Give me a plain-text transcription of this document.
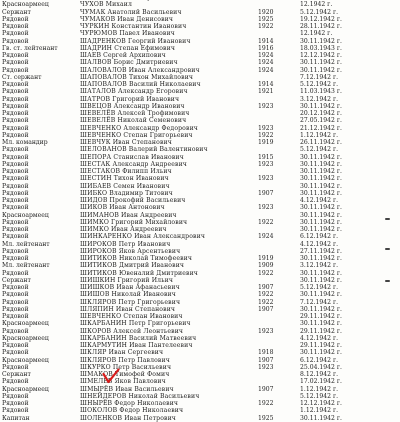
Красноармеец	ЧУХОВ Михаил	12.1942 г.
Сержант	ЧУМАК Анатолий Васильевич	1920	5.12.1942 г.
Рядовой	ЧУМАКОВ Иван Денисович	1925	19.12.1942 г.
Рядовой	ЧУРКИН Константин Иванович	1922	28.11.1942 г.
Рядовой	ЧУРЮМОВ Павел Иванович	12.1942 г.
Рядовой	ШАДРЕНКОВ Георгий Иванович	1914	30.11.1942 г.
Гв. ст. лейтенант	ШАДРИН Степан Ефимович	1916	18.03.1943 г.
Рядовой	ШАЕВ Сергей Архипович	1924	12.12.1942 г.
Рядовой	ШАЛВОВ Борис Дмитриевич	1924	30.11.1942 г.
Рядовой	ШАЛОВАЛОВ Иван Александрович	1924	30.11.1942 г.
Ст. сержант	ШАПОВАЛОВ Тихон Михайлович	7.12.1942 г.
Рядовой	ШАПОВАЛОВ Василий Николаевич	1914	5.12.1942 г.
Рядовой	ШАТАЛОВ Александр Егорович	1921	11.03.1943 г.
Рядовой	ШАТРОВ Григорий Иванович	3.12.1942 г.
Рядовой	ШВЕЦОВ Александр Иванович	1923	30.11.1942 г.
Рядовой	ШЕВЕЛЁВ Алексей Трофимович	20.12.1942 г.
Рядовой	ШЕВЕЛЁВ Николай Семенович	27.05.1942 г.
Рядовой	ШЕВЧЕНКО Александр Федорович	1923	21.12.1942 г.
Рядовой	ШЕВЧЕНКО Степан Григорьевич	1922	1.12.1942 г.
Мл. командир	ШЕВЧУК Иван Степанович	1919	26.11.1942 г.
Рядовой	ШЕЛОВАНОВ Валерий Валентинович	5.12.1942 г.
Рядовой	ШЕПОРА Станислав Иванович	1915	30.11.1942 г.
Рядовой	ШЕСТАК Александр Андреевич	1923	30.11.1942 г.
Рядовой	ШЕСТАКОВ Филипп Ильич	30.11.1942 г.
Рядовой	ШЕСТИН Тихон Иванович	1923	30.11.1942 г.
Рядовой	ШИБАЕВ Семен Иванович	30.11.1942 г.
Рядовой	ШИБКО Владимир Титович	1907	30.11.1942 г.
Рядовой	ШИДОВ Прокофий Васильевич	4.12.1942 г.
Рядовой	ШИКОВ Иван Антонович	1923	30.11.1942 г.
Красноармеец	ШИМАНОВ Иван Андреевич	30.11.1942 г.
Рядовой	ШИМКО Григорий Михайлович	1922	30.11.1942 г.
Рядовой	ШИМКО Иван Андреевич	30.11.1942 г.
Рядовой	ШИНКАРЕНКО Иван Александрович	1924	6.12.1942 г.
Мл. лейтенант	ШИРОКОВ Петр Иванович	4.12.1942 г.
Рядовой	ШИРОКОВ Яков Арсентьевич	27.11.1942 г.
Рядовой	ШИТИКОВ Николай Тимофеевич	1919	30.11.1942 г.
Мл. лейтенант	ШИТИКОВ Дмитрий Иванович	1909	3.12.1942 г.
Рядовой	ШИТИКОВ Ювеналий Дмитриевич	1922	30.11.1942 г.
Сержант	ШИШКИН Григорий Ильич	30.11.1942 г.
Рядовой	ШИШКОВ Иван Афанасьевич	1907	5.12.1942 г.
Рядовой	ШИШОВ Николай Иванович	1922	30.11.1942 г.
Рядовой	ШКЛЯРОВ Петр Григорьевич	1922	7.12.1942 г.
Рядовой	ШЛЯПИН Иван Степанович	1907	30.11.1942 г.
Рядовой	ШЕВЧЕНКО Степан Иванович	29.11.1942 г.
Красноармеец	ШКАРБАНИН Петр Григорьевич	30.11.1942 г.
Рядовой	ШКОРОВ Алексей Леонтьевич	1923	29.11.1942 г.
Красноармеец	ШКАРБАНИН Василий Матвеевич	4.12.1942 г.
Рядовой	ШКАРМУТИН Иван Пантелеевич	29.11.1942 г.
Рядовой	ШКЛЯР Иван Сергеевич	1918	30.11.1942 г.
Красноармеец	ШКЛЯРОВ Петр Павлович	1907	6.12.1942 г.
Рядовой	ШКУРКО Петр Васильевич	1923	25.04.1942 г.
Сержант	ШМАКОВ Тимофей Фомич	8.12.1942 г.
Рядовой	ШМЕЛЁВ Яков Павлович	17.02.1942 г.
Красноармеец	ШМЫРЁВ Иван Васильевич	1907	1.12.1942 г.
Рядовой	ШНЕЙДЕРОВ Николай Васильевич	5.12.1942 г.
Рядовой	ШНЫРЁВ Федор Николаевич	1922	12.12.1942 г.
Рядовой	ШОКОЛОВ Федор Николаевич	1.12.1942 г.
Капитан	ШОЛЕНКОВ Иван Петрович	1925	30.11.1942 г.
